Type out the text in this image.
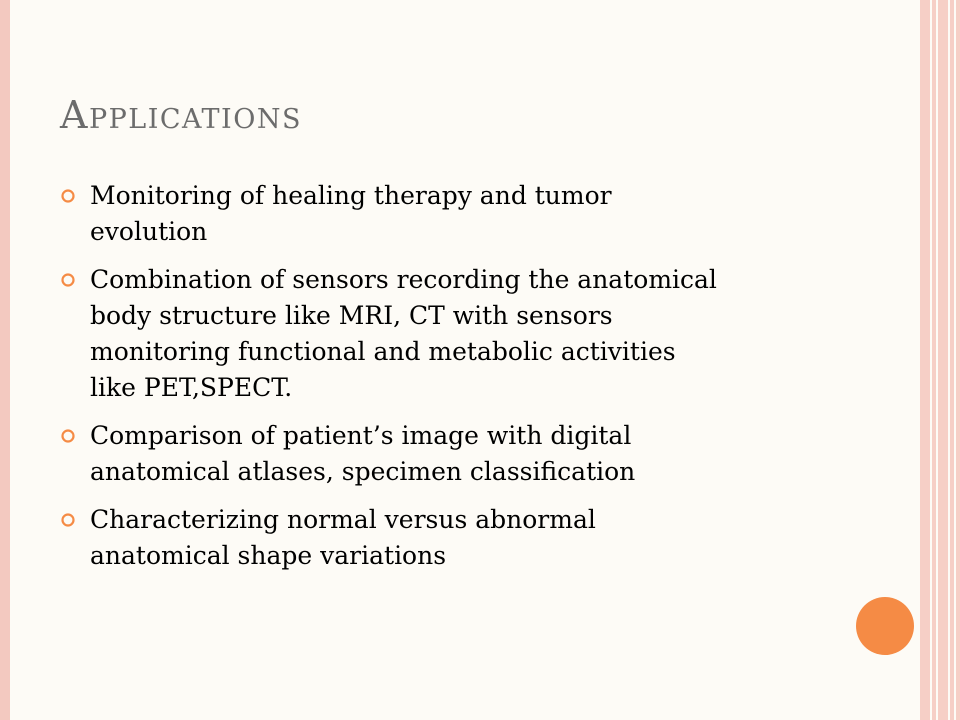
Applications
Monitoring of healing therapy and tumor
evolution
Combination of sensors recording the anatomical
body structure like MRI, CT with sensors
monitoring functional and metabolic activities
like PET,SPECT.
Comparison of patient’s image with digital
anatomical atlases, specimen classification
Characterizing normal versus abnormal
anatomical shape variations
